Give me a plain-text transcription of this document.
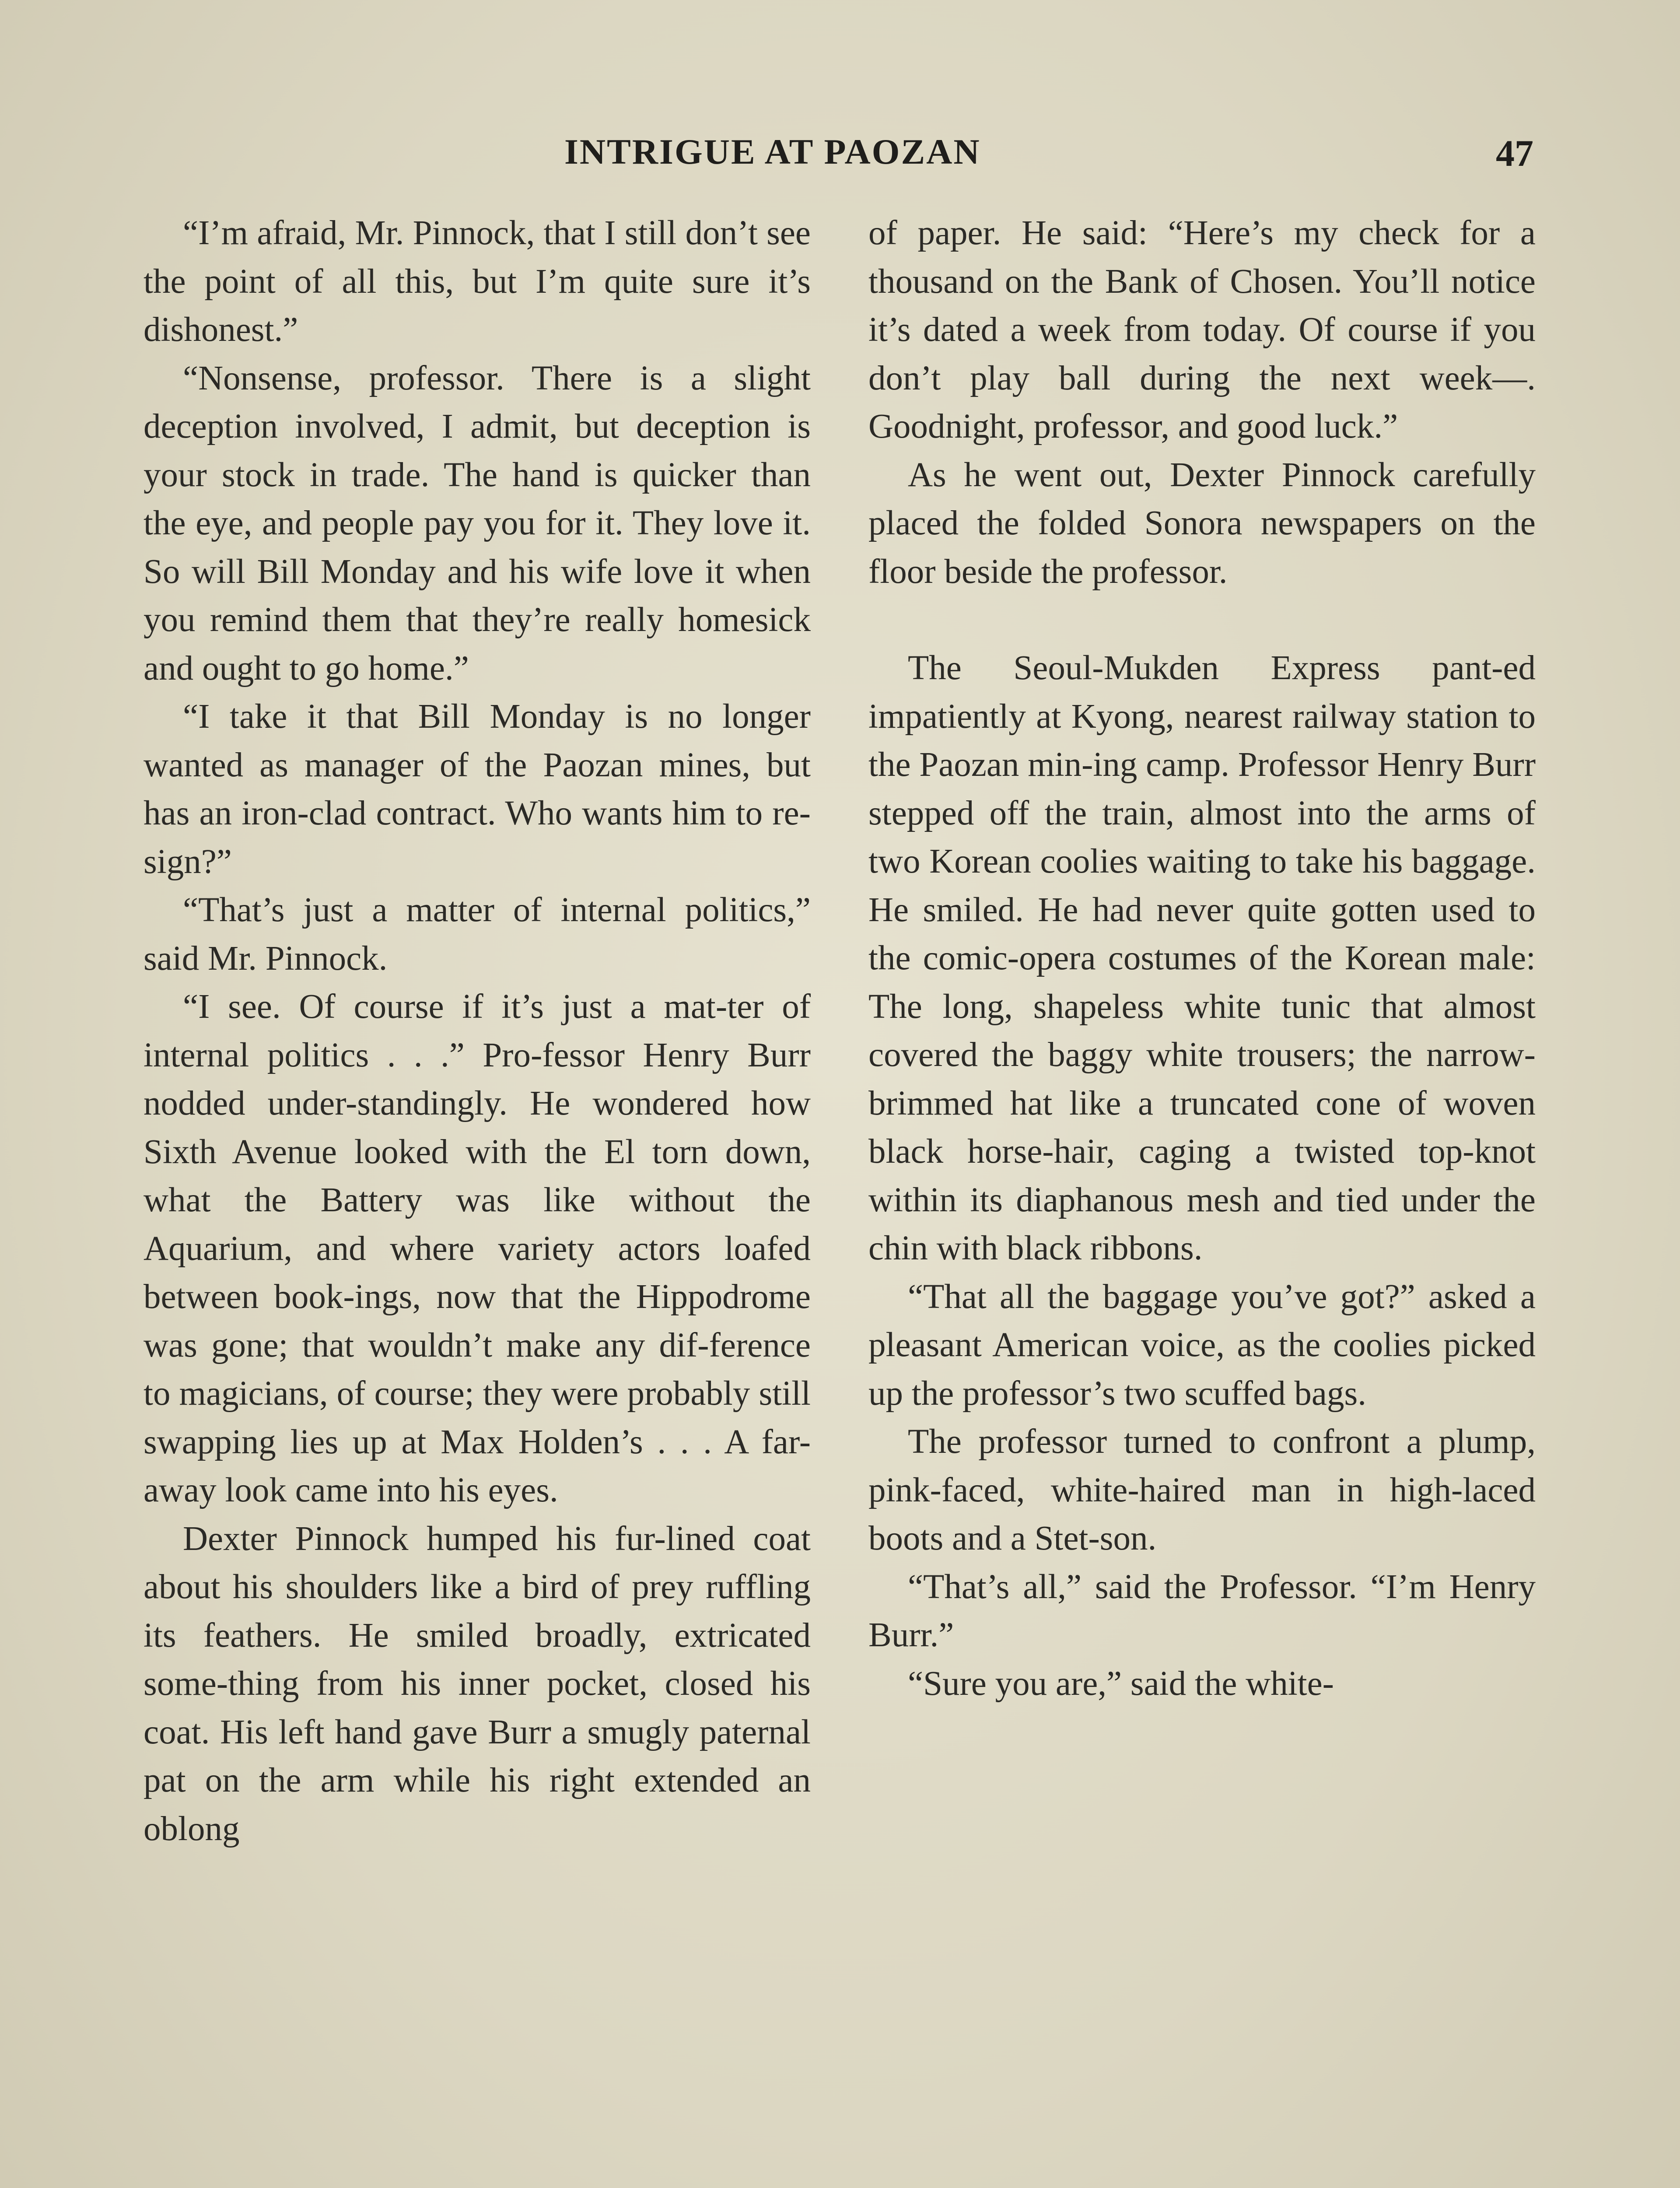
INTRIGUE AT PAOZAN	47

“I’m afraid, Mr. Pinnock, that I still don’t see the point of all this, but I’m quite sure it’s dishonest.”

“Nonsense, professor. There is a slight deception involved, I admit, but deception is your stock in trade. The hand is quicker than the eye, and people pay you for it. They love it. So will Bill Monday and his wife love it when you remind them that they’re really homesick and ought to go home.”

“I take it that Bill Monday is no longer wanted as manager of the Paozan mines, but has an iron-clad contract. Who wants him to re-sign?”

“That’s just a matter of internal politics,” said Mr. Pinnock.

“I see. Of course if it’s just a mat-ter of internal politics . . .” Pro-fessor Henry Burr nodded under-standingly. He wondered how Sixth Avenue looked with the El torn down, what the Battery was like without the Aquarium, and where variety actors loafed between book-ings, now that the Hippodrome was gone; that wouldn’t make any dif-ference to magicians, of course; they were probably still swapping lies up at Max Holden’s . . . A far-away look came into his eyes.

Dexter Pinnock humped his fur-lined coat about his shoulders like a bird of prey ruffling its feathers. He smiled broadly, extricated some-thing from his inner pocket, closed his coat. His left hand gave Burr a smugly paternal pat on the arm while his right extended an oblong

of paper. He said: “Here’s my check for a thousand on the Bank of Chosen. You’ll notice it’s dated a week from today. Of course if you don’t play ball during the next week—. Goodnight, professor, and good luck.”

As he went out, Dexter Pinnock carefully placed the folded Sonora newspapers on the floor beside the professor.

The Seoul-Mukden Express pant-ed impatiently at Kyong, nearest railway station to the Paozan min-ing camp. Professor Henry Burr stepped off the train, almost into the arms of two Korean coolies waiting to take his baggage. He smiled. He had never quite gotten used to the comic-opera costumes of the Korean male: The long, shapeless white tunic that almost covered the baggy white trousers; the narrow-brimmed hat like a truncated cone of woven black horse-hair, caging a twisted top-knot within its diaphanous mesh and tied under the chin with black ribbons.

“That all the baggage you’ve got?” asked a pleasant American voice, as the coolies picked up the professor’s two scuffed bags.

The professor turned to confront a plump, pink-faced, white-haired man in high-laced boots and a Stet-son.

“That’s all,” said the Professor. “I’m Henry Burr.”

“Sure you are,” said the white-
